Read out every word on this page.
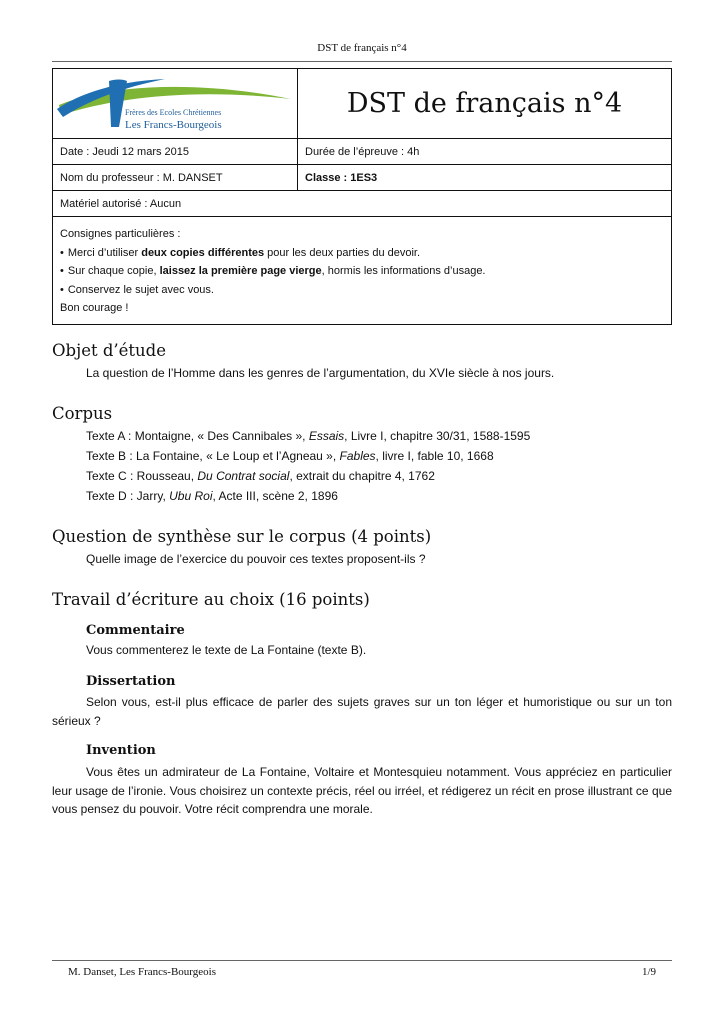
DST de français n°4
Frères des Ecoles Chrétiennes
Les Francs-Bourgeois	DST de français n°4
Date : Jeudi 12 mars 2015	Durée de l’épreuve : 4h
Nom du professeur : M. DANSET	Classe : 1ES3
Matériel autorisé : Aucun	

Consignes particulières :
• Merci d’utiliser deux copies différentes pour les deux parties du devoir.
• Sur chaque copie, laissez la première page vierge, hormis les informations d’usage.
• Conservez le sujet avec vous.
Bon courage !
Objet d’étude
La question de l’Homme dans les genres de l’argumentation, du XVIe siècle à nos jours.
Corpus
Texte A : Montaigne, « Des Cannibales », Essais, Livre I, chapitre 30/31, 1588-1595
Texte B : La Fontaine, « Le Loup et l’Agneau », Fables, livre I, fable 10, 1668
Texte C : Rousseau, Du Contrat social, extrait du chapitre 4, 1762
Texte D : Jarry, Ubu Roi, Acte III, scène 2, 1896
Question de synthèse sur le corpus (4 points)
Quelle image de l’exercice du pouvoir ces textes proposent-ils ?
Travail d’écriture au choix (16 points)
Commentaire
Vous commenterez le texte de La Fontaine (texte B).
Dissertation

Selon vous, est-il plus efficace de parler des sujets graves sur un ton léger et humoristique ou sur un ton sérieux ?

Invention

Vous êtes un admirateur de La Fontaine, Voltaire et Montesquieu notamment. Vous appréciez en particulier leur usage de l’ironie. Vous choisirez un contexte précis, réel ou irréel, et rédigerez un récit en prose illustrant ce que vous pensez du pouvoir. Votre récit comprendra une morale.

M. Danset, Les Francs-Bourgeois	1/9
